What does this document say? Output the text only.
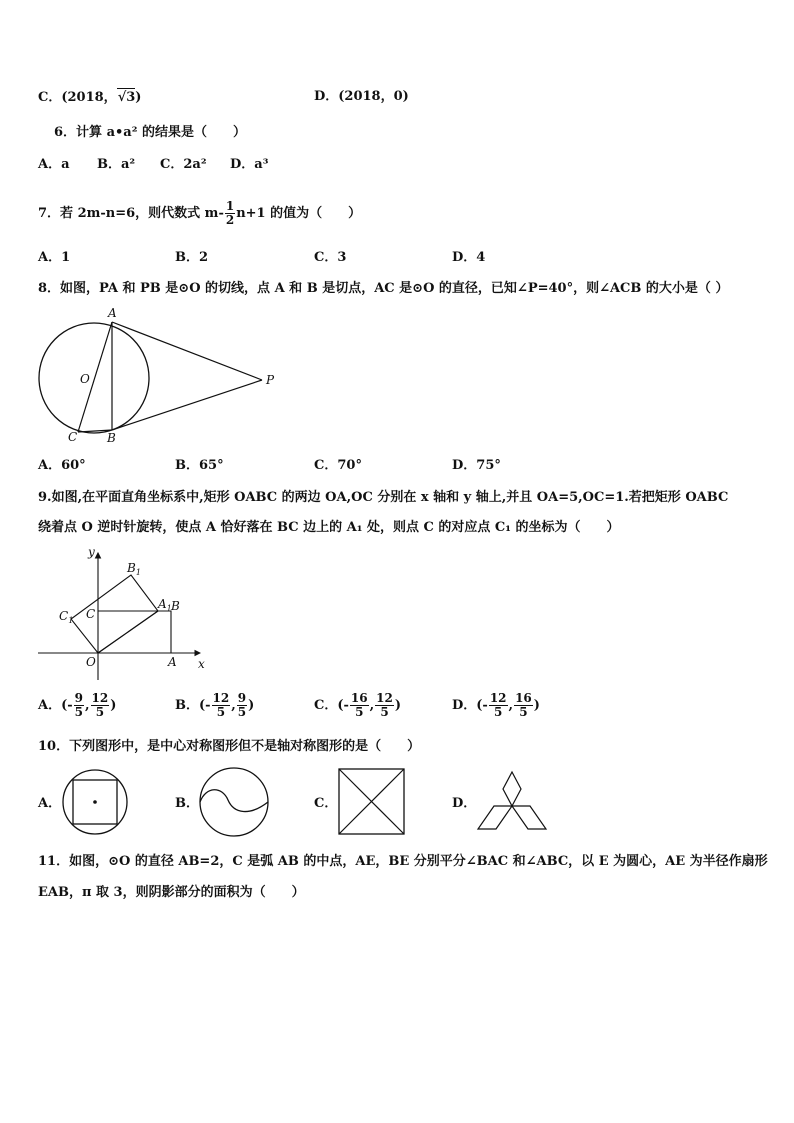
C．(2018，√3)	D．(2018，0)
6．计算 a•a² 的结果是（　　）
A．a B．a² C．2a² D．a³
7．若 2m-n=6，则代数式 $m- \frac{1}{2} n+1$ 的值为（　　）
A．1	B．2	C．3	D．4
8．如图，PA 和 PB 是⊙O 的切线，点 A 和 B 是切点，AC 是⊙O 的直径，已知∠P=40°，则∠ACB 的大小是（ ）
A
O	P
C B
A．60°	B．65°	C．70°	D．75°
9.如图,在平面直角坐标系中,矩形 OABC 的两边 OA,OC 分别在 x 轴和 y 轴上,并且 OA=5,OC=1.若把矩形 OABC
绕着点 O 逆时针旋转，使点 A 恰好落在 BC 边上的 A₁ 处，则点 C 的对应点 C₁ 的坐标为（　　）
y
x
O	A
B
C
$A_1$
$B_1$
$C_1$
A．(- $\frac{9}{5}$ , $\frac{12}{5}$ )	B．(- $\frac{12}{5}$ , $\frac{9}{5}$ )	C．(- $\frac{16}{5}$ , $\frac{12}{5}$ )	D．(- $\frac{12}{5}$ , $\frac{16}{5}$ )
10．下列图形中，是中心对称图形但不是轴对称图形的是（　　）
A．	B．	C．	D．
11．如图，⊙O 的直径 AB=2，C 是弧 AB 的中点，AE，BE 分别平分∠BAC 和∠ABC，以 E 为圆心，AE 为半径作扇形
EAB，π 取 3，则阴影部分的面积为（　　）
